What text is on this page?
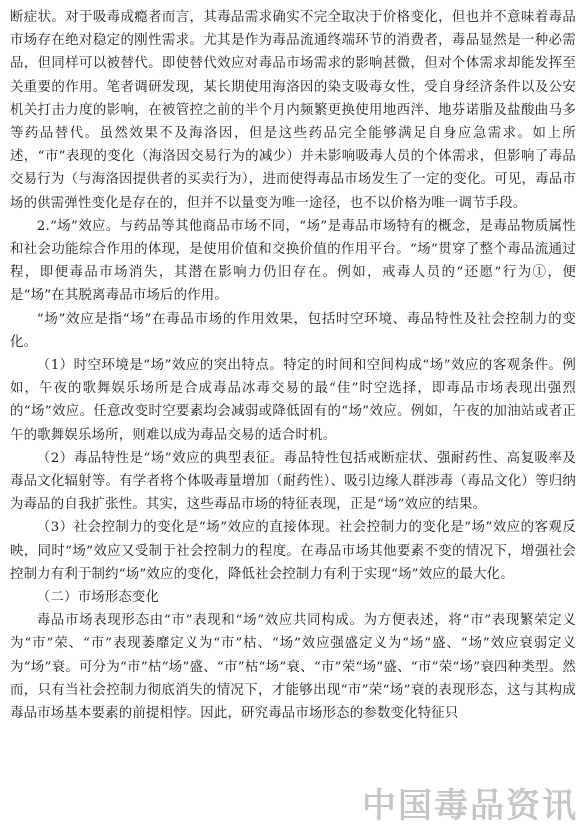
断症状。对于吸毒成瘾者而言，其毒品需求确实不完全取决于价格变化，但也并不意味着毒品市场存在绝对稳定的刚性需求。尤其是作为毒品流通终端环节的消费者，毒品显然是一种必需品，但同样可以被替代。即使替代效应对毒品市场需求的影响甚微，但对个体需求却能发挥至关重要的作用。笔者调研发现，某长期使用海洛因的染支吸毒女性，受自身经济条件以及公安机关打击力度的影响，在被管控之前的半个月内频繁更换使用地西泮、地芬诺脂及盐酸曲马多等药品替代。虽然效果不及海洛因，但是这些药品完全能够满足自身应急需求。如上所述，“市”表现的变化（海洛因交易行为的减少）并未影响吸毒人员的个体需求，但影响了毒品交易行为（与海洛因提供者的买卖行为），进而使得毒品市场发生了一定的变化。可见，毒品市场的供需弹性变化是存在的，但并不以量变为唯一途径，也不以价格为唯一调节手段。

2.“场”效应。与药品等其他商品市场不同，“场”是毒品市场特有的概念，是毒品物质属性和社会功能综合作用的体现，是使用价值和交换价值的作用平台。“场”贯穿了整个毒品流通过程，即便毒品市场消失，其潜在影响力仍旧存在。例如，戒毒人员的“还愿”行为①，便是“场”在其脱离毒品市场后的作用。

“场”效应是指“场”在毒品市场的作用效果，包括时空环境、毒品特性及社会控制力的变化。

（1）时空环境是“场”效应的突出特点。特定的时间和空间构成“场”效应的客观条件。例如，午夜的歌舞娱乐场所是合成毒品冰毒交易的最“佳”时空选择，即毒品市场表现出强烈的“场”效应。任意改变时空要素均会减弱或降低固有的“场”效应。例如，午夜的加油站或者正午的歌舞娱乐场所，则难以成为毒品交易的适合时机。

（2）毒品特性是“场”效应的典型表征。毒品特性包括戒断症状、强耐药性、高复吸率及毒品文化辐射等。有学者将个体吸毒量增加（耐药性）、吸引边缘人群涉毒（毒品文化）等归纳为毒品的自我扩张性。其实，这些毒品市场的特征表现，正是“场”效应的结果。

（3）社会控制力的变化是“场”效应的直接体现。社会控制力的变化是“场”效应的客观反映，同时“场”效应又受制于社会控制力的程度。在毒品市场其他要素不变的情况下，增强社会控制力有利于制约“场”效应的变化，降低社会控制力有利于实现“场”效应的最大化。

（二）市场形态变化

毒品市场表现形态由“市”表现和“场”效应共同构成。为方便表述，将“市”表现繁荣定义为“市”荣、“市”表现萎靡定义为“市”枯、“场”效应强盛定义为“场”盛、“场”效应衰弱定义为“场”衰。可分为“市”枯“场”盛、“市”枯“场”衰、“市”荣“场”盛、“市”荣“场”衰四种类型。然而，只有当社会控制力彻底消失的情况下，才能够出现“市”荣“场”衰的表现形态，这与其构成毒品市场基本要素的前提相悖。因此，研究毒品市场形态的参数变化特征只

中国毒品资讯
